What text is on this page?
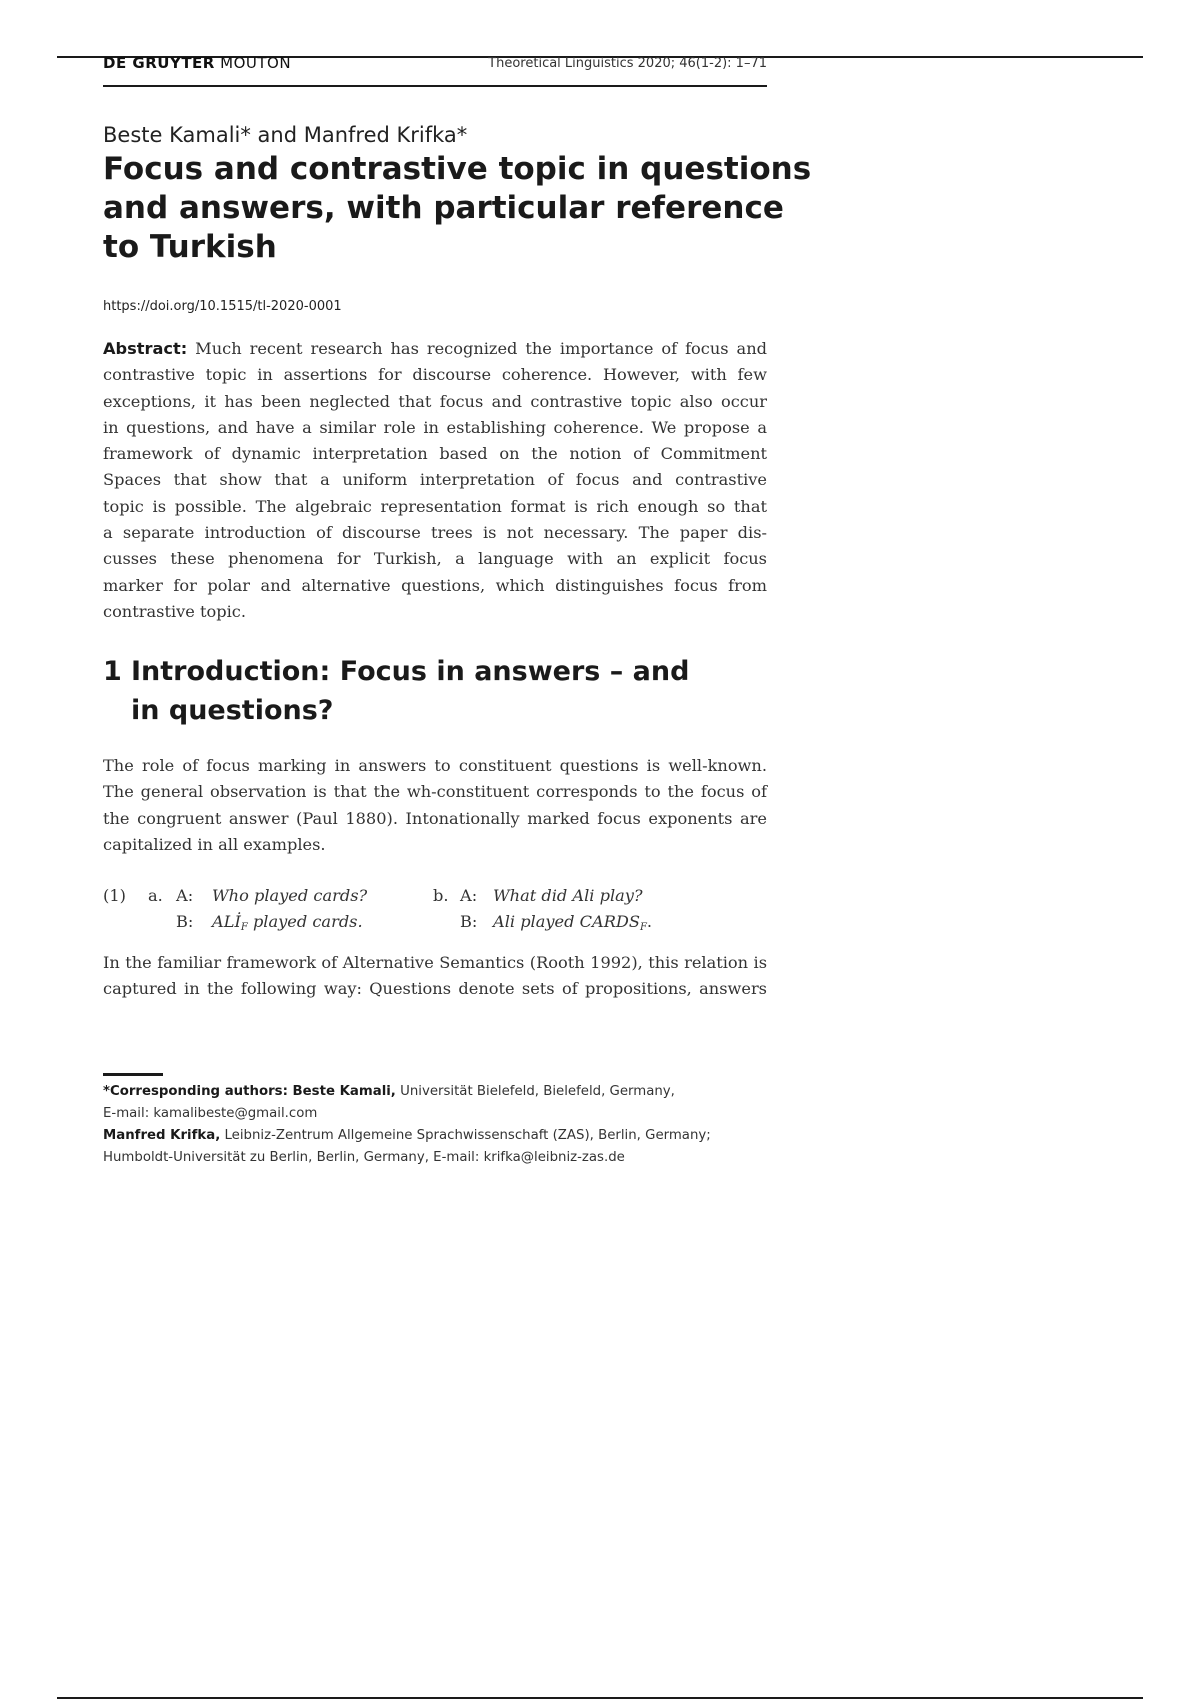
DE GRUYTER MOUTON	Theoretical Linguistics 2020; 46(1-2): 1–71
Beste Kamali* and Manfred Krifka*
Focus and contrastive topic in questions
and answers, with particular reference
to Turkish
https://doi.org/10.1515/tl-2020-0001
Abstract: Much recent research has recognized the importance of focus and
contrastive topic in assertions for discourse coherence. However, with few
exceptions, it has been neglected that focus and contrastive topic also occur
in questions, and have a similar role in establishing coherence. We propose a
framework of dynamic interpretation based on the notion of Commitment
Spaces that show that a uniform interpretation of focus and contrastive
topic is possible. The algebraic representation format is rich enough so that
a separate introduction of discourse trees is not necessary. The paper dis-
cusses these phenomena for Turkish, a language with an explicit focus
marker for polar and alternative questions, which distinguishes focus from
contrastive topic.
1 Introduction: Focus in answers – and
in questions?
The role of focus marking in answers to constituent questions is well-known.
The general observation is that the wh-constituent corresponds to the focus of
the congruent answer (Paul 1880). Intonationally marked focus exponents are
capitalized in all examples.
(1) a. A: Who played cards?
B: $ALİ_F$ played cards.
b. A: What did Ali play?
B: Ali played $CARDS_F$.
In the familiar framework of Alternative Semantics (Rooth 1992), this relation is
captured in the following way: Questions denote sets of propositions, answers
*Corresponding authors: Beste Kamali, Universität Bielefeld, Bielefeld, Germany,
E-mail: kamalibeste@gmail.com
Manfred Krifka, Leibniz-Zentrum Allgemeine Sprachwissenschaft (ZAS), Berlin, Germany;
Humboldt-Universität zu Berlin, Berlin, Germany, E-mail: krifka@leibniz-zas.de
